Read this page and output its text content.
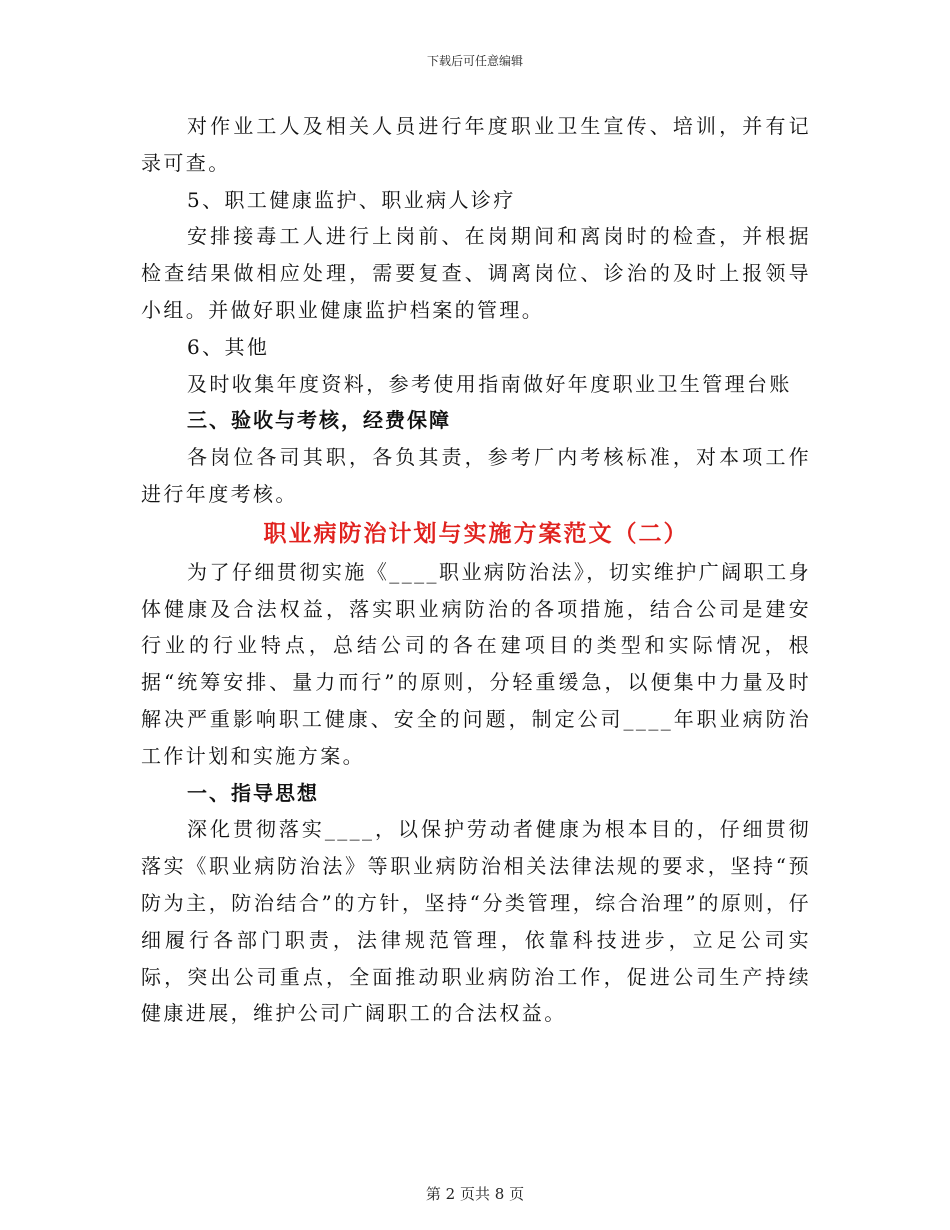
下载后可任意编辑

对作业工人及相关人员进行年度职业卫生宣传、培训，并有记录可查。

5、职工健康监护、职业病人诊疗

安排接毒工人进行上岗前、在岗期间和离岗时的检查，并根据检查结果做相应处理，需要复查、调离岗位、诊治的及时上报领导小组。并做好职业健康监护档案的管理。

6、其他

及时收集年度资料，参考使用指南做好年度职业卫生管理台账

三、验收与考核，经费保障

各岗位各司其职，各负其责，参考厂内考核标准，对本项工作进行年度考核。

职业病防治计划与实施方案范文（二）

为了仔细贯彻实施《____职业病防治法》，切实维护广阔职工身体健康及合法权益，落实职业病防治的各项措施，结合公司是建安行业的行业特点，总结公司的各在建项目的类型和实际情况，根据“统筹安排、量力而行”的原则，分轻重缓急，以便集中力量及时解决严重影响职工健康、安全的问题，制定公司____年职业病防治工作计划和实施方案。

一、指导思想

深化贯彻落实____，以保护劳动者健康为根本目的，仔细贯彻落实《职业病防治法》等职业病防治相关法律法规的要求，坚持“预防为主，防治结合”的方针，坚持“分类管理，综合治理”的原则，仔细履行各部门职责，法律规范管理，依靠科技进步，立足公司实际，突出公司重点，全面推动职业病防治工作，促进公司生产持续健康进展，维护公司广阔职工的合法权益。

第 2 页共 8 页
